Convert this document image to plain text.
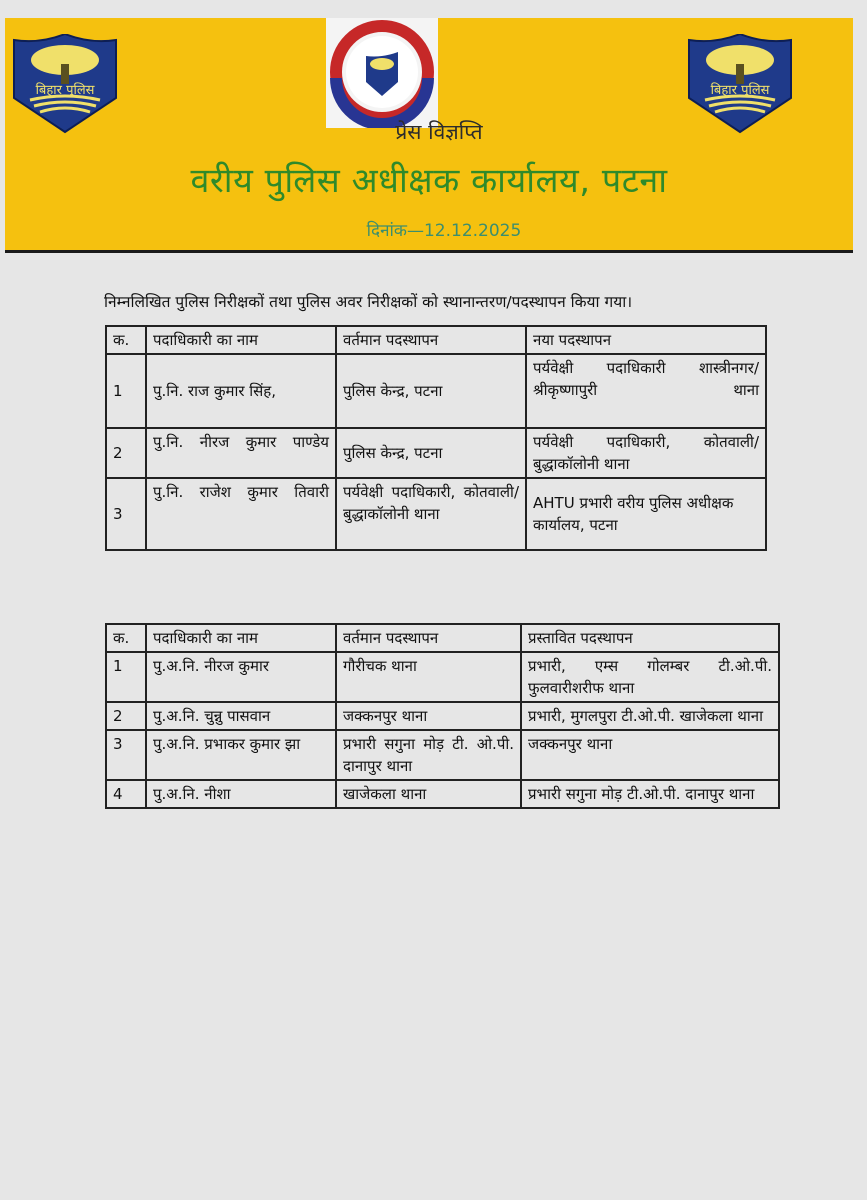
बिहार पुलिस	बिहार पुलिस
प्रेस विज्ञप्ति
वरीय पुलिस अधीक्षक कार्यालय, पटना
दिनांक—12.12.2025
निम्नलिखित पुलिस निरीक्षकों तथा पुलिस अवर निरीक्षकों को स्थानान्तरण/पदस्थापन किया गया।
क.	पदाधिकारी का नाम	वर्तमान पदस्थापन	नया पदस्थापन
1	पु.नि. राज कुमार सिंह,	पुलिस केन्द्र, पटना	पर्यवेक्षी पदाधिकारी शास्त्रीनगर/ श्रीकृष्णापुरी थाना
2	पु.नि. नीरज कुमार पाण्डेय	पुलिस केन्द्र, पटना	पर्यवेक्षी पदाधिकारी, कोतवाली/ बुद्धाकॉलोनी थाना
3	पु.नि. राजेश कुमार तिवारी	पर्यवेक्षी पदाधिकारी, कोतवाली/बुद्धाकॉलोनी थाना	AHTU प्रभारी वरीय पुलिस अधीक्षक कार्यालय, पटना
क.	पदाधिकारी का नाम	वर्तमान पदस्थापन	प्रस्तावित पदस्थापन
1	पु.अ.नि. नीरज कुमार	गौरीचक थाना	प्रभारी, एम्स गोलम्बर टी.ओ.पी. फुलवारीशरीफ थाना
2	पु.अ.नि. चुन्नु पासवान	जक्कनपुर थाना	प्रभारी, मुगलपुरा टी.ओ.पी. खाजेकला थाना
3	पु.अ.नि. प्रभाकर कुमार झा	प्रभारी सगुना मोड़ टी. ओ.पी. दानापुर थाना	जक्कनपुर थाना
4	पु.अ.नि. नीशा	खाजेकला थाना	प्रभारी सगुना मोड़ टी.ओ.पी. दानापुर थाना
